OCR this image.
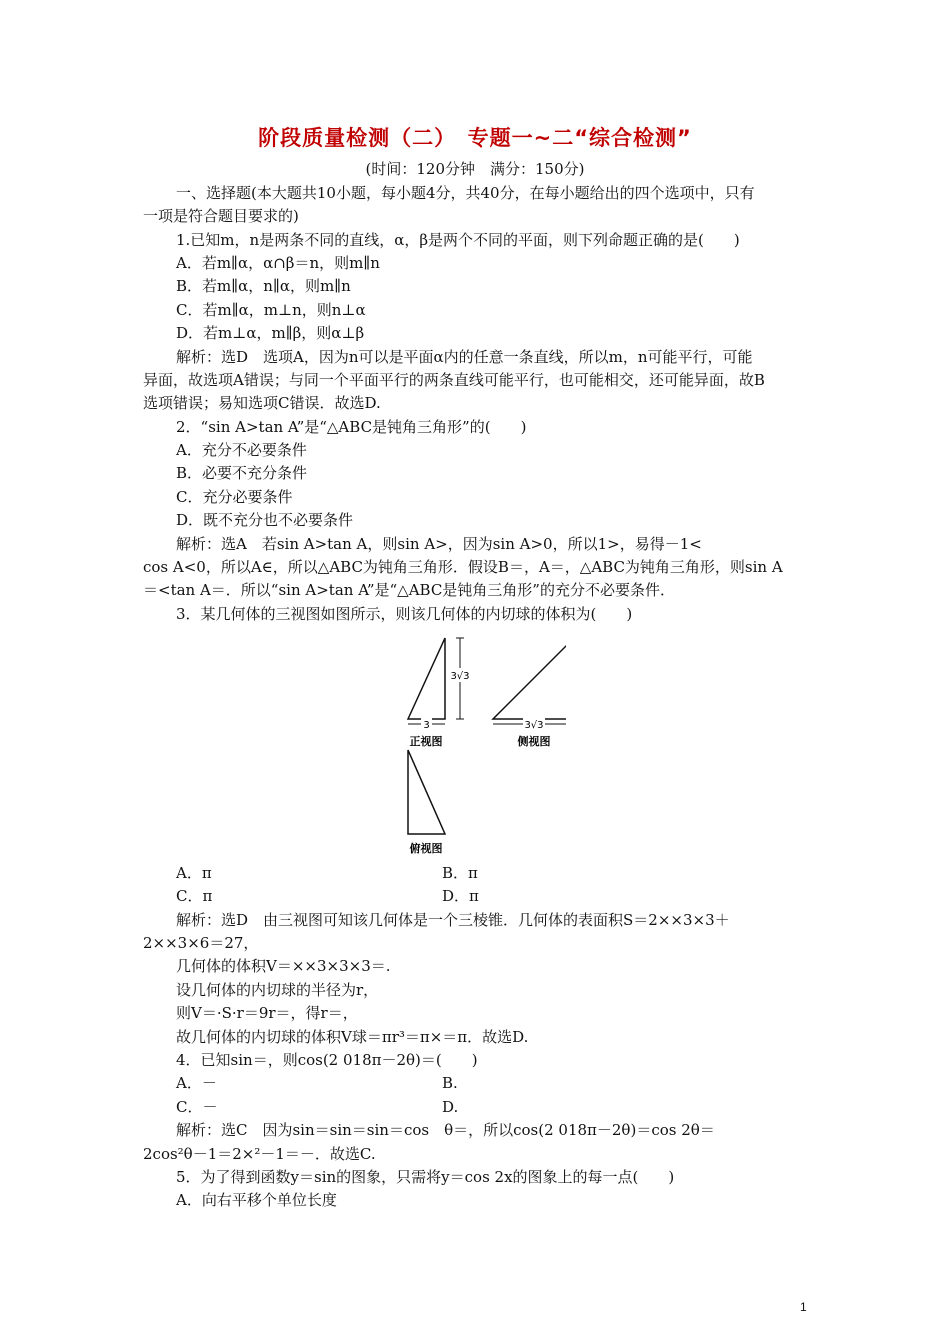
阶段质量检测（二）　专题一~二“综合检测”
(时间：120分钟　满分：150分)
一、选择题(本大题共10小题，每小题4分，共40分，在每小题给出的四个选项中，只有
一项是符合题目要求的)
1.已知m，n是两条不同的直线，α，β是两个不同的平面，则下列命题正确的是(　　)
A．若m∥α，α∩β＝n，则m∥n
B．若m∥α，n∥α，则m∥n
C．若m∥α，m⊥n，则n⊥α
D．若m⊥α，m∥β，则α⊥β
解析：选D　选项A，因为n可以是平面α内的任意一条直线，所以m，n可能平行，可能
异面，故选项A错误；与同一个平面平行的两条直线可能平行，也可能相交，还可能异面，故B
选项错误；易知选项C错误．故选D.
2．“sin A>tan A”是“△ABC是钝角三角形”的(　　)
A．充分不必要条件
B．必要不充分条件
C．充分必要条件
D．既不充分也不必要条件
解析：选A　若sin A>tan A，则sin A>，因为sin A>0，所以1>，易得－1<
cos A<0，所以A∈，所以△ABC为钝角三角形．假设B＝，A＝，△ABC为钝角三角形，则sin A
＝<tan A＝．所以“sin A>tan A”是“△ABC是钝角三角形”的充分不必要条件．
3．某几何体的三视图如图所示，则该几何体的内切球的体积为(　　)
A．π	B．π
C．π	D．π
解析：选D　由三视图可知该几何体是一个三棱锥．几何体的表面积S＝2××3×3＋
2××3×6＝27，
几何体的体积V＝××3×3×3＝.
设几何体的内切球的半径为r，
则V＝·S·r＝9r＝，得r＝，
故几何体的内切球的体积V球＝πr³＝π×＝π．故选D.
4．已知sin＝，则cos(2 018π－2θ)＝(　　)
A．－	B.
C．－	D.
解析：选C　因为sin＝sin＝sin＝cos　θ＝，所以cos(2 018π－2θ)＝cos 2θ＝
2cos²θ－1＝2×²－1＝－．故选C.
5．为了得到函数y＝sin的图象，只需将y＝cos 2x的图象上的每一点(　　)
A．向右平移个单位长度
3√3
3
正视图
3√3
侧视图
俯视图
1
